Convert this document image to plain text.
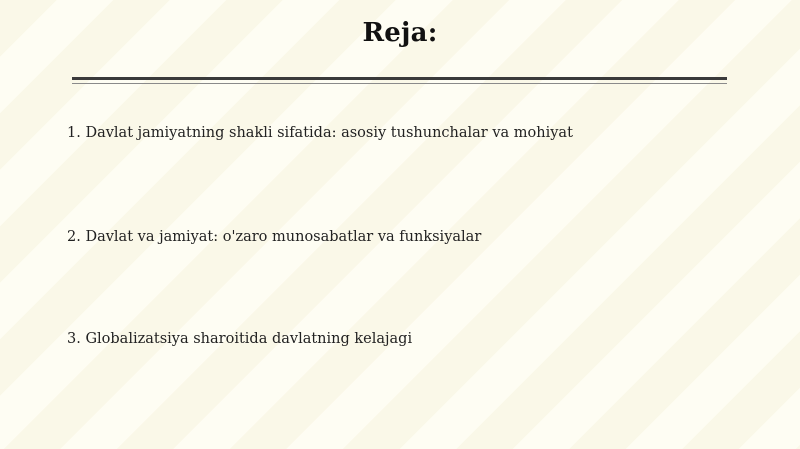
Reja:
1. Davlat jamiyatning shakli sifatida: asosiy tushunchalar va mohiyat
2. Davlat va jamiyat: o'zaro munosabatlar va funksiyalar
3. Globalizatsiya sharoitida davlatning kelajagi
